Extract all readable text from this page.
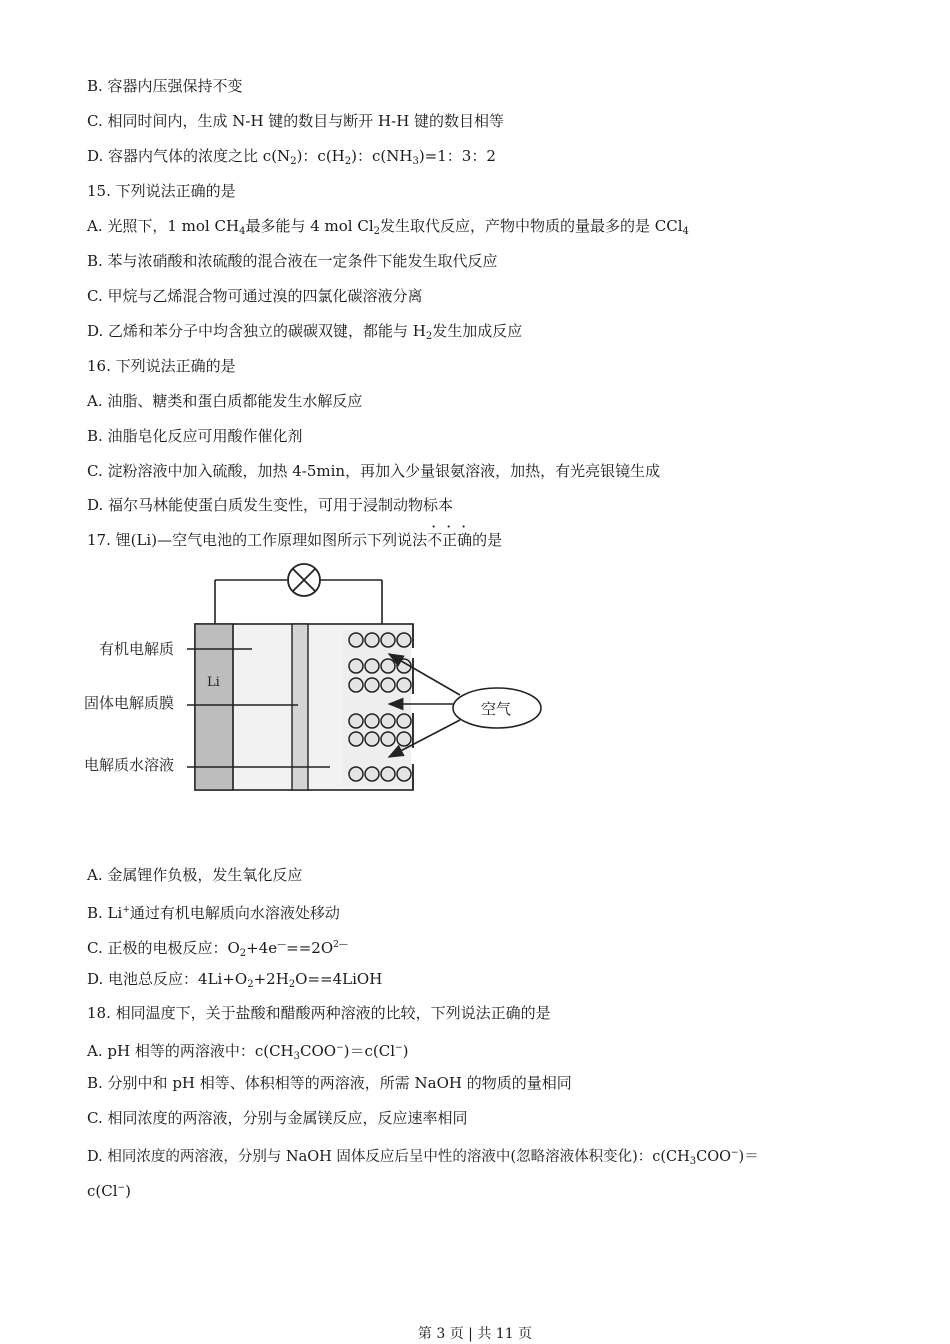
B. 容器内压强保持不变
C. 相同时间内，生成 N-H 键的数目与断开 H-H 键的数目相等
D. 容器内气体的浓度之比 $c(N_2)$：$c(H_2)$：$c(NH_3)=1$：3：2
15. 下列说法正确的是
A. 光照下，1 mol $CH_4$最多能与 4 mol $Cl_2$发生取代反应，产物中物质的量最多的是 CCl$_4$
B. 苯与浓硝酸和浓硫酸的混合液在一定条件下能发生取代反应
C. 甲烷与乙烯混合物可通过溴的四氯化碳溶液分离
D. 乙烯和苯分子中均含独立的碳碳双键，都能与 $H_2$发生加成反应
16. 下列说法正确的是
A. 油脂、糖类和蛋白质都能发生水解反应
B. 油脂皂化反应可用酸作催化剂
C. 淀粉溶液中加入硫酸，加热 4-5min，再加入少量银氨溶液，加热，有光亮银镜生成
D. 福尔马林能使蛋白质发生变性，可用于浸制动物标本
17. 锂(Li)—空气电池的工作原理如图所示下列说法不正确的是
Li
空气
有机电解质
固体电解质膜
电解质水溶液
A. 金属锂作负极，发生氧化反应
B. Li+通过有机电解质向水溶液处移动
C. 正极的电极反应：$O_2+4e^—==2O^{2—}$
D. 电池总反应：$4Li+O_2+2H_2O==4LiOH$
18. 相同温度下，关于盐酸和醋酸两种溶液的比较，下列说法正确的是
A. pH 相等的两溶液中：$c(CH_3COO^-)=c(Cl^-)$
B. 分别中和 pH 相等、体积相等的两溶液，所需 NaOH 的物质的量相同
C. 相同浓度的两溶液，分别与金属镁反应，反应速率相同
D. 相同浓度的两溶液，分别与 NaOH 固体反应后呈中性的溶液中(忽略溶液体积变化)：$c(CH_3COO^-)=$
c(Cl−)
第 3 页 | 共 11 页
